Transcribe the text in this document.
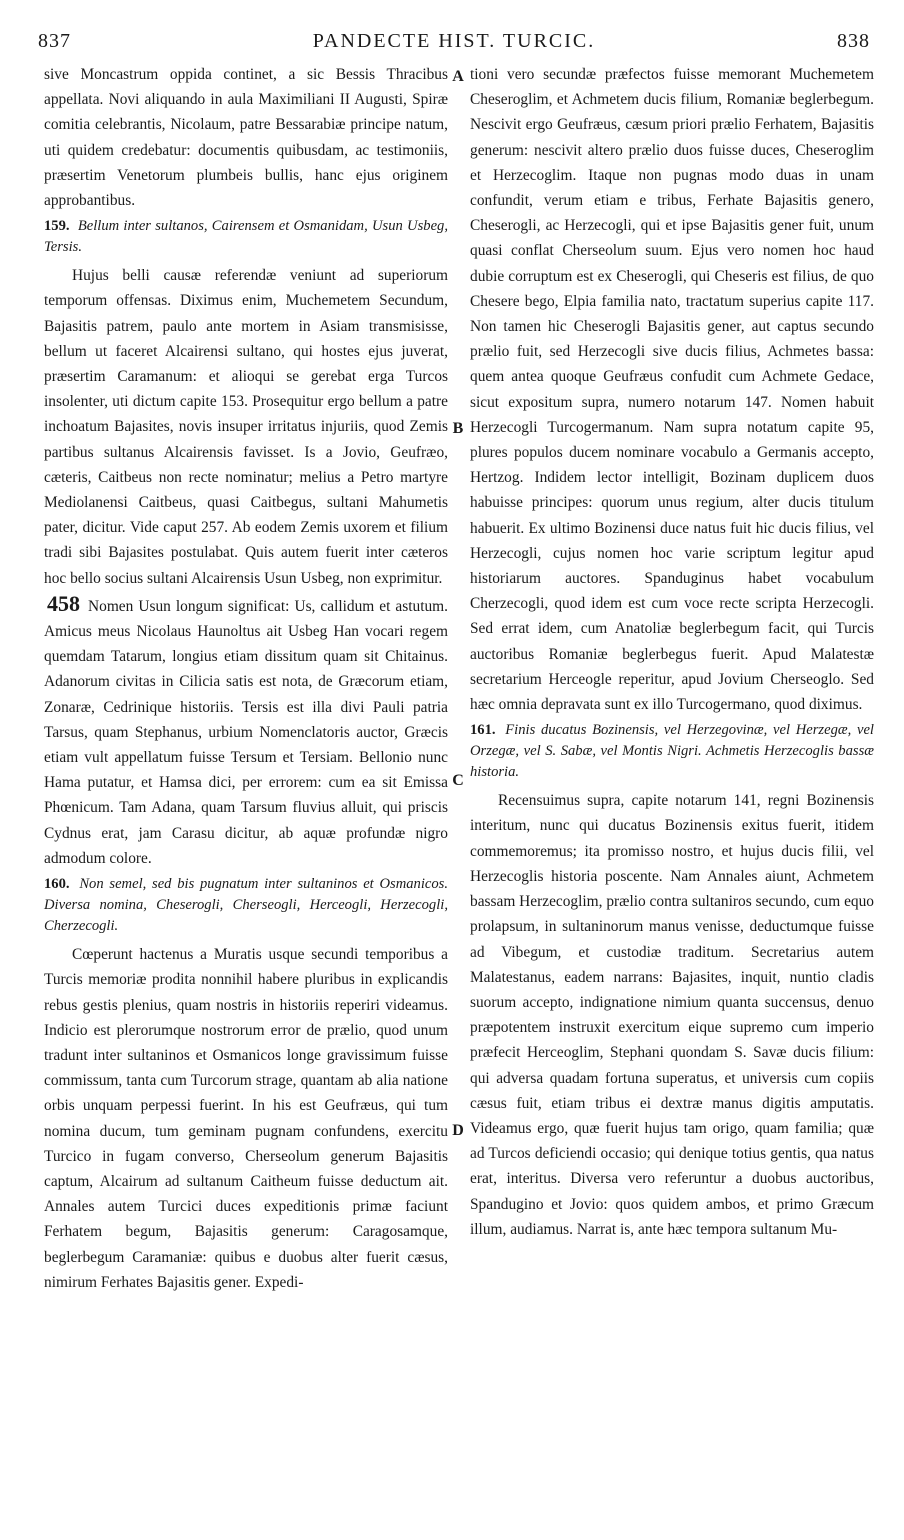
837	PANDECTE HIST. TURCIC.	838

sive Moncastrum oppida continet, a sic Bessis Thracibus appellata. Novi aliquando in aula Maximiliani II Augusti, Spiræ comitia celebrantis, Nicolaum, patre Bessarabiæ principe natum, uti quidem credebatur: documentis quibusdam, ac testimoniis, præsertim Venetorum plumbeis bullis, hanc ejus originem approbantibus.

159. Bellum inter sultanos, Cairensem et Osmanidam, Usun Usbeg, Tersis.

Hujus belli causæ referendæ veniunt ad superiorum temporum offensas. Diximus enim, Muchemetem Secundum, Bajasitis patrem, paulo ante mortem in Asiam transmisisse, bellum ut faceret Alcairensi sultano, qui hostes ejus juverat, præsertim Caramanum: et alioqui se gerebat erga Turcos insolenter, uti dictum capite 153. Prosequitur ergo bellum a patre inchoatum Bajasites, novis insuper irritatus injuriis, quod Zemis partibus sultanus Alcairensis favisset. Is a Jovio, Geufræo, cæteris, Caitbeus non recte nominatur; melius a Petro martyre Mediolanensi Caitbeus, quasi Caitbegus, sultani Mahumetis pater, dicitur. Vide caput 257. Ab eodem Zemis uxorem et filium tradi sibi Bajasites postulabat. Quis autem fuerit inter cæteros hoc bello socius sultani Alcairensis Usun Usbeg, non exprimitur.

458 Nomen Usun longum significat: Us, callidum et astutum. Amicus meus Nicolaus Haunoltus ait Usbeg Han vocari regem quemdam Tatarum, longius etiam dissitum quam sit Chitainus. Adanorum civitas in Cilicia satis est nota, de Græcorum etiam, Zonaræ, Cedrinique historiis. Tersis est illa divi Pauli patria Tarsus, quam Stephanus, urbium Nomenclatoris auctor, Græcis etiam vult appellatum fuisse Tersum et Tersiam. Bellonio nunc Hama putatur, et Hamsa dici, per errorem: cum ea sit Emissa Phœnicum. Tam Adana, quam Tarsum fluvius alluit, qui priscis Cydnus erat, jam Carasu dicitur, ab aquæ profundæ nigro admodum colore.

160. Non semel, sed bis pugnatum inter sultaninos et Osmanicos. Diversa nomina, Cheserogli, Cherseogli, Herceogli, Herzecogli, Cherzecogli.

Cœperunt hactenus a Muratis usque secundi temporibus a Turcis memoriæ prodita nonnihil habere pluribus in explicandis rebus gestis plenius, quam nostris in historiis reperiri videamus. Indicio est plerorumque nostrorum error de prælio, quod unum tradunt inter sultaninos et Osmanicos longe gravissimum fuisse commissum, tanta cum Turcorum strage, quantam ab alia natione orbis unquam perpessi fuerint. In his est Geufræus, qui tum nomina ducum, tum geminam pugnam confundens, exercitu Turcico in fugam converso, Cherseolum generum Bajasitis captum, Alcairum ad sultanum Caitheum fuisse deductum ait. Annales autem Turcici duces expeditionis primæ faciunt Ferhatem begum, Bajasitis generum: Caragosamque, beglerbegum Caramaniæ: quibus e duobus alter fuerit cæsus, nimirum Ferhates Bajasitis gener. Expedi-

A
B
C
D

tioni vero secundæ præfectos fuisse memorant Muchemetem Cheseroglim, et Achmetem ducis filium, Romaniæ beglerbegum. Nescivit ergo Geufræus, cæsum priori prælio Ferhatem, Bajasitis generum: nescivit altero prælio duos fuisse duces, Cheseroglim et Herzecoglim. Itaque non pugnas modo duas in unam confundit, verum etiam e tribus, Ferhate Bajasitis genero, Cheserogli, ac Herzecogli, qui et ipse Bajasitis gener fuit, unum quasi conflat Cherseolum suum. Ejus vero nomen hoc haud dubie corruptum est ex Cheserogli, qui Cheseris est filius, de quo Chesere bego, Elpia familia nato, tractatum superius capite 117. Non tamen hic Cheserogli Bajasitis gener, aut captus secundo prælio fuit, sed Herzecogli sive ducis filius, Achmetes bassa: quem antea quoque Geufræus confudit cum Achmete Gedace, sicut expositum supra, numero notarum 147. Nomen habuit Herzecogli Turcogermanum. Nam supra notatum capite 95, plures populos ducem nominare vocabulo a Germanis accepto, Hertzog. Indidem lector intelligit, Bozinam duplicem duos habuisse principes: quorum unus regium, alter ducis titulum habuerit. Ex ultimo Bozinensi duce natus fuit hic ducis filius, vel Herzecogli, cujus nomen hoc varie scriptum legitur apud historiarum auctores. Spanduginus habet vocabulum Cherzecogli, quod idem est cum voce recte scripta Herzecogli. Sed errat idem, cum Anatoliæ beglerbegum facit, qui Turcis auctoribus Romaniæ beglerbegus fuerit. Apud Malatestæ secretarium Herceogle reperitur, apud Jovium Cherseoglo. Sed hæc omnia depravata sunt ex illo Turcogermano, quod diximus.

161. Finis ducatus Bozinensis, vel Herzegovinæ, vel Herzegæ, vel Orzegæ, vel S. Sabæ, vel Montis Nigri. Achmetis Herzecoglis bassæ historia.

Recensuimus supra, capite notarum 141, regni Bozinensis interitum, nunc qui ducatus Bozinensis exitus fuerit, itidem commemoremus; ita promisso nostro, et hujus ducis filii, vel Herzecoglis historia poscente. Nam Annales aiunt, Achmetem bassam Herzecoglim, prælio contra sultaniros secundo, cum equo prolapsum, in sultaninorum manus venisse, deductumque fuisse ad Vibegum, et custodiæ traditum. Secretarius autem Malatestanus, eadem narrans: Bajasites, inquit, nuntio cladis suorum accepto, indignatione nimium quanta succensus, denuo præpotentem instruxit exercitum eique supremo cum imperio præfecit Herceoglim, Stephani quondam S. Savæ ducis filium: qui adversa quadam fortuna superatus, et universis cum copiis cæsus fuit, etiam tribus ei dextræ manus digitis amputatis. Videamus ergo, quæ fuerit hujus tam origo, quam familia; quæ ad Turcos deficiendi occasio; qui denique totius gentis, qua natus erat, interitus. Diversa vero referuntur a duobus auctoribus, Spandugino et Jovio: quos quidem ambos, et primo Græcum illum, audiamus. Narrat is, ante hæc tempora sultanum Mu-
